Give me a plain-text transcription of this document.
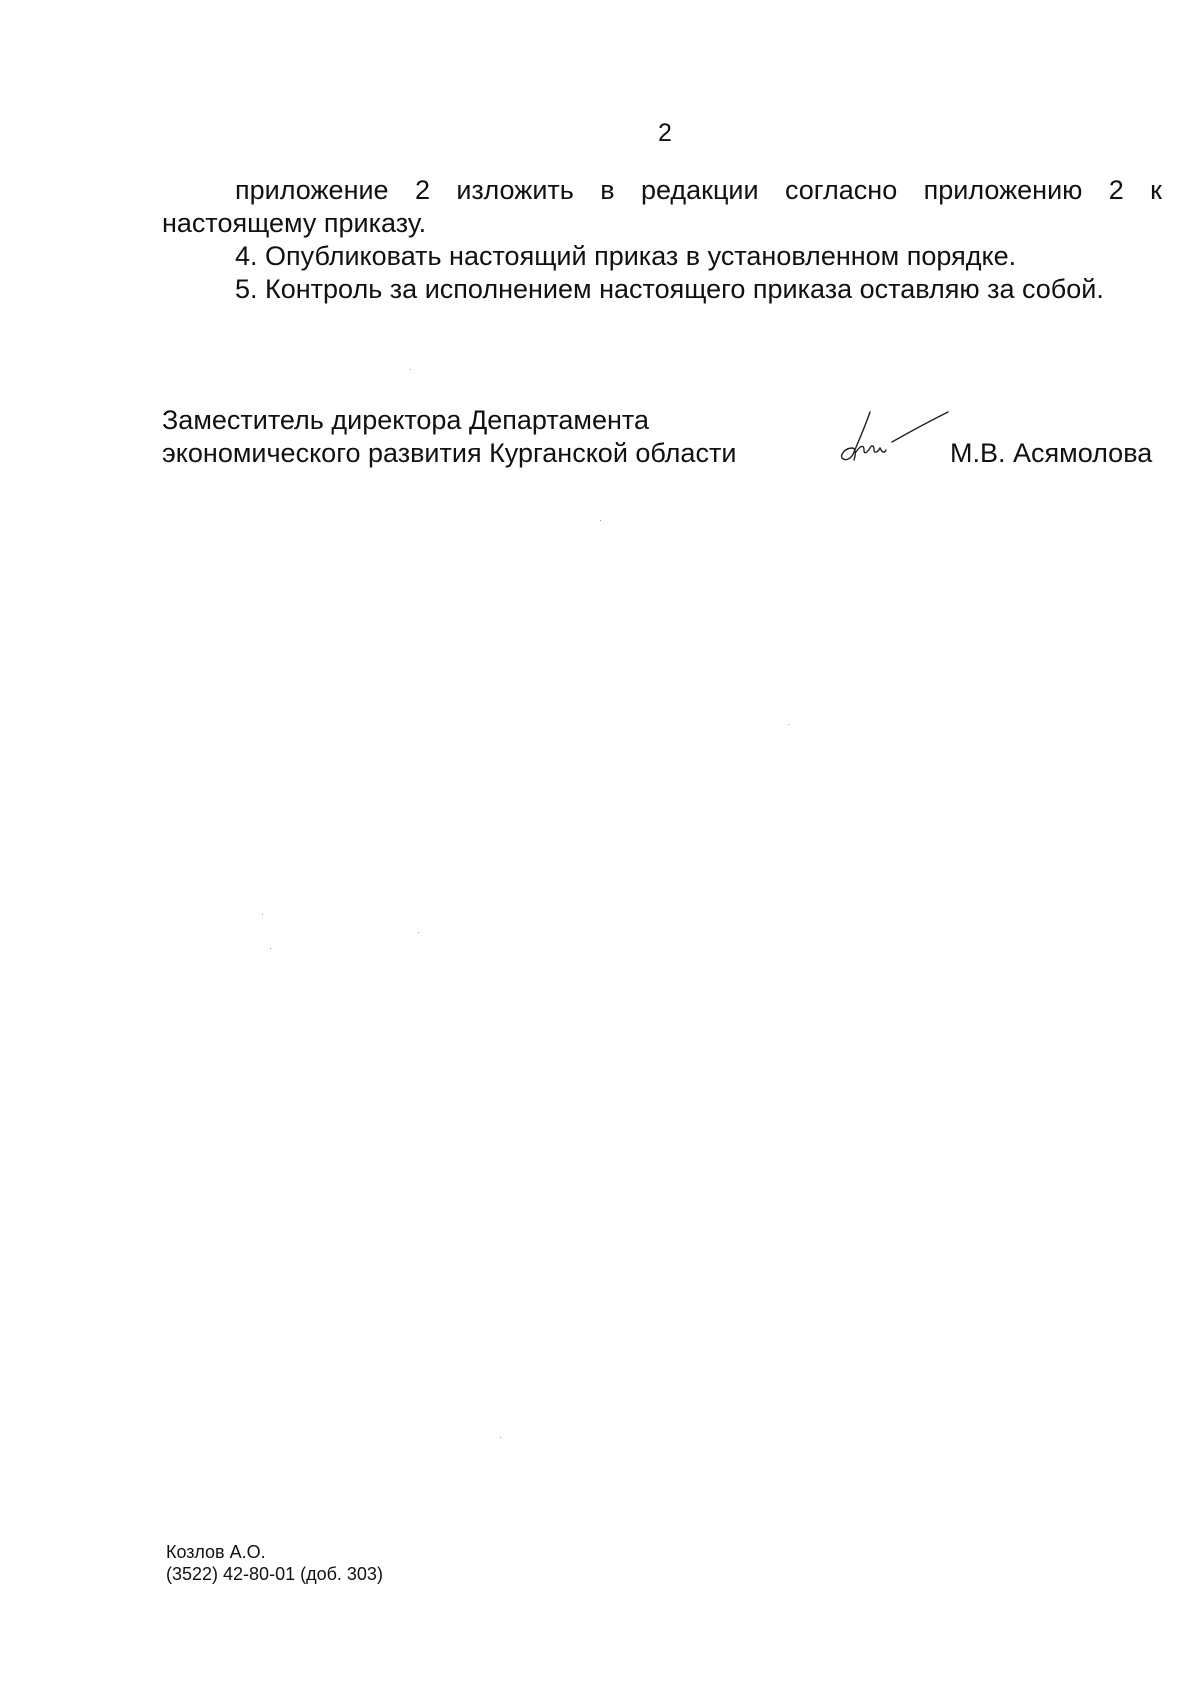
2

приложение 2 изложить в редакции согласно приложению 2 к настоящему приказу.

4. Опубликовать настоящий приказ в установленном порядке.

5. Контроль за исполнением настоящего приказа оставляю за собой.

Заместитель директора Департамента
экономического развития Курганской области	М.В. Асямолова
Козлов А.О.
(3522) 42-80-01 (доб. 303)
